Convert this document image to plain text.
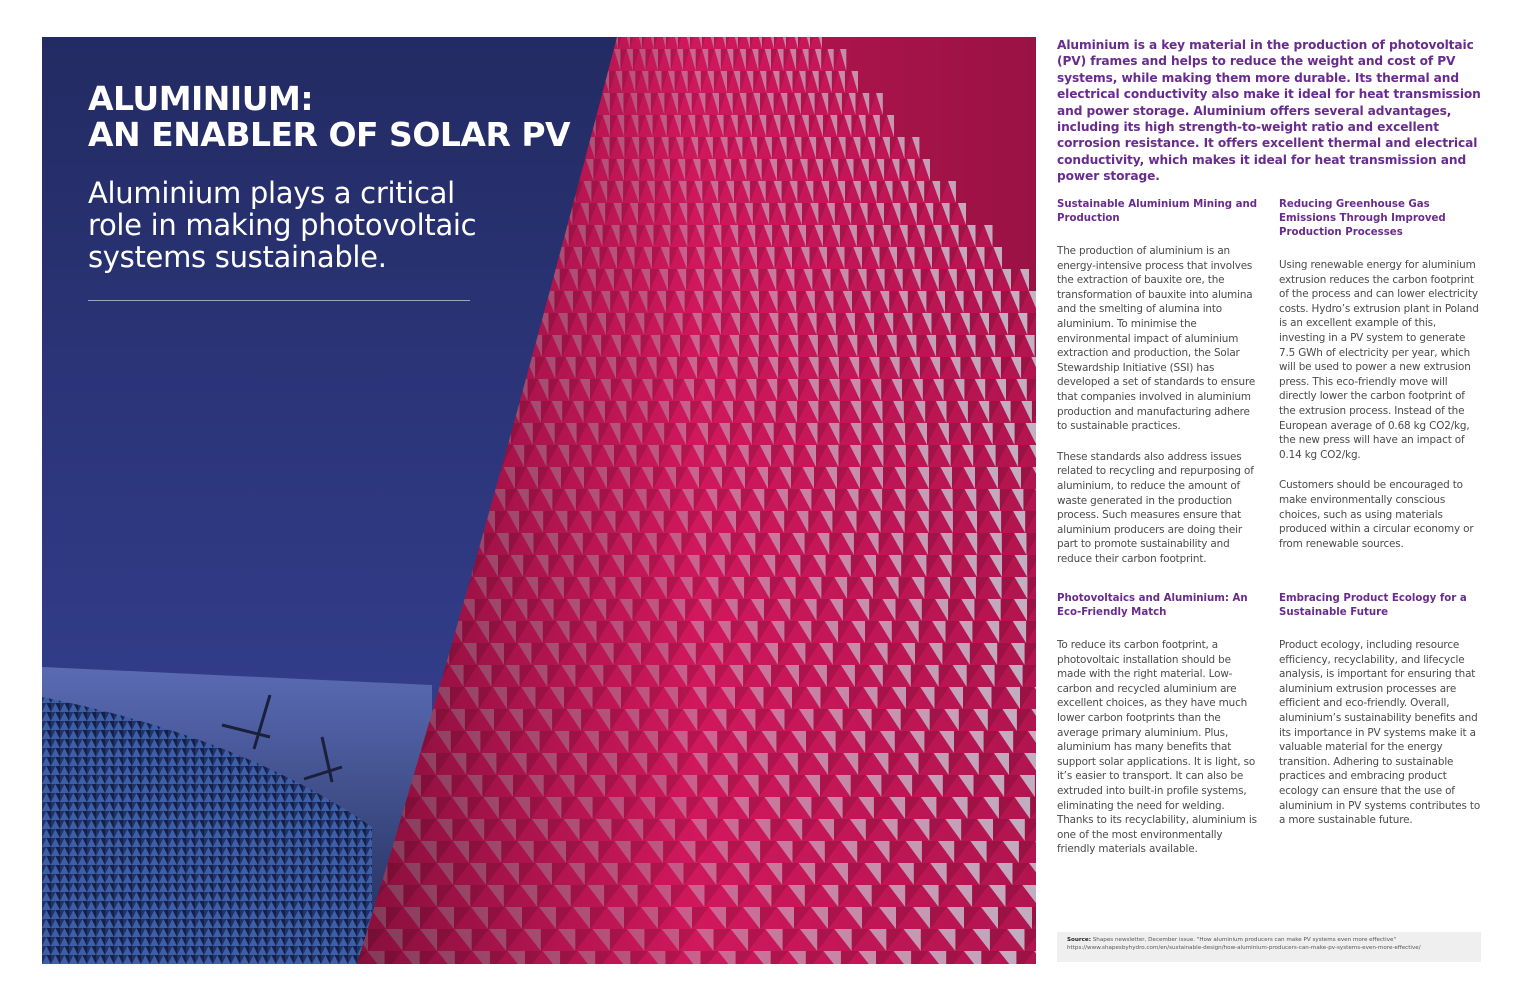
ALUMINIUM:
AN ENABLER OF SOLAR PV

Aluminium plays a critical role in making photovoltaic systems sustainable.

Aluminium is a key material in the production of photovoltaic (PV) frames and helps to reduce the weight and cost of PV systems, while making them more durable. Its thermal and electrical conductivity also make it ideal for heat transmission and power storage. Aluminium offers several advantages, including its high strength-to-weight ratio and excellent corrosion resistance. It offers excellent thermal and electrical conductivity, which makes it ideal for heat transmission and power storage.

Sustainable Aluminium Mining and Production

The production of aluminium is an energy-intensive process that involves the extraction of bauxite ore, the transformation of bauxite into alumina and the smelting of alumina into aluminium. To minimise the environmental impact of aluminium extraction and production, the Solar Stewardship Initiative (SSI) has developed a set of standards to ensure that companies involved in aluminium production and manufacturing adhere to sustainable practices.

These standards also address issues related to recycling and repurposing of aluminium, to reduce the amount of waste generated in the production process. Such measures ensure that aluminium producers are doing their part to promote sustainability and reduce their carbon footprint.

Reducing Greenhouse Gas Emissions Through Improved Production Processes

Using renewable energy for aluminium extrusion reduces the carbon footprint of the process and can lower electricity costs. Hydro’s extrusion plant in Poland is an excellent example of this, investing in a PV system to generate 7.5 GWh of electricity per year, which will be used to power a new extrusion press. This eco-friendly move will directly lower the carbon footprint of the extrusion process. Instead of the European average of 0.68 kg CO2/kg, the new press will have an impact of 0.14 kg CO2/kg.

Customers should be encouraged to make environmentally conscious choices, such as using materials produced within a circular economy or from renewable sources.

Photovoltaics and Aluminium: An Eco-Friendly Match

To reduce its carbon footprint, a photovoltaic installation should be made with the right material. Low-carbon and recycled aluminium are excellent choices, as they have much lower carbon footprints than the average primary aluminium. Plus, aluminium has many benefits that support solar applications. It is light, so it’s easier to transport. It can also be extruded into built-in profile systems, eliminating the need for welding. Thanks to its recyclability, aluminium is one of the most environmentally friendly materials available.

Embracing Product Ecology for a Sustainable Future

Product ecology, including resource efficiency, recyclability, and lifecycle analysis, is important for ensuring that aluminium extrusion processes are efficient and eco-friendly. Overall, aluminium’s sustainability benefits and its importance in PV systems make it a valuable material for the energy transition. Adhering to sustainable practices and embracing product ecology can ensure that the use of aluminium in PV systems contributes to a more sustainable future.

Source: Shapes newsletter, December issue. "How aluminium producers can make PV systems even more effective"
https://www.shapesbyhydro.com/en/sustainable-design/how-aluminium-producers-can-make-pv-systems-even-more-effective/
